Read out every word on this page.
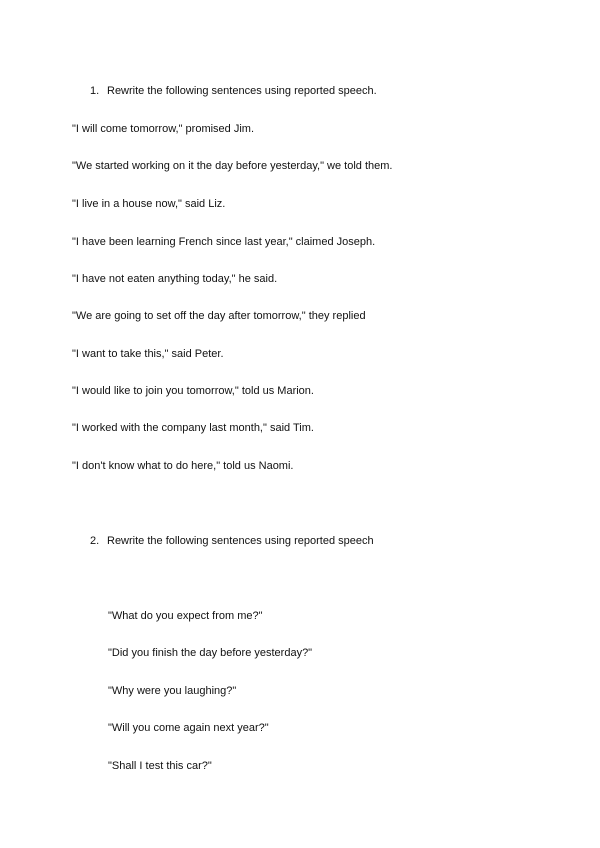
1. Rewrite the following sentences using reported speech.
"I will come tomorrow," promised Jim.
"We started working on it the day before yesterday," we told them.
"I live in a house now," said Liz.
"I have been learning French since last year," claimed Joseph.
"I have not eaten anything today," he said.
"We are going to set off the day after tomorrow," they replied
"I want to take this," said Peter.
"I would like to join you tomorrow," told us Marion.
"I worked with the company last month," said Tim.
"I don't know what to do here," told us Naomi.
2. Rewrite the following sentences using reported speech
"What do you expect from me?"
"Did you finish the day before yesterday?"
"Why were you laughing?"
"Will you come again next year?"
"Shall I test this car?"
